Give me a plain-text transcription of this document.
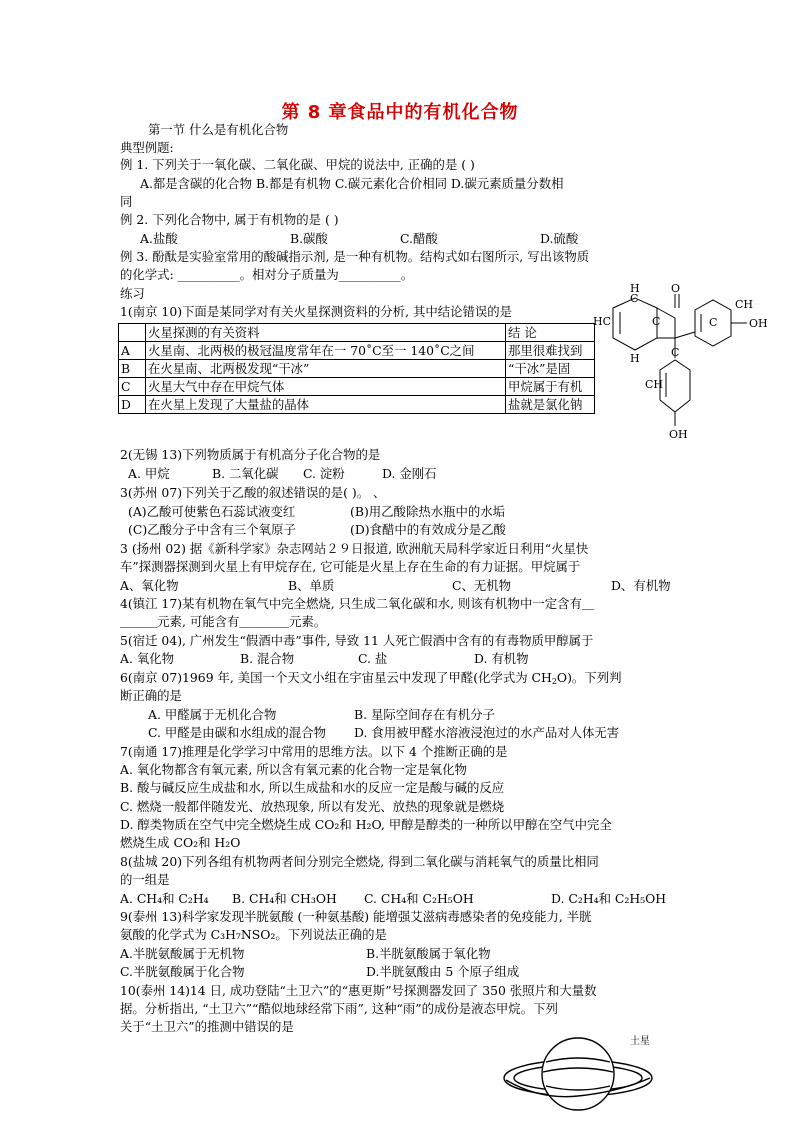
第 8 章食品中的有机化合物
第一节 什么是有机化合物
典型例题:
例 1. 下列关于一氧化碳、二氧化碳、甲烷的说法中, 正确的是 ( )
A.都是含碳的化合物 B.都是有机物 C.碳元素化合价相同 D.碳元素质量分数相
同
例 2. 下列化合物中, 属于有机物的是 ( )
A.盐酸	B.碳酸	C.醋酸	D.硫酸
例 3. 酚酞是实验室常用的酸碱指示剂, 是一种有机物。结构式如右图所示, 写出该物质
的化学式: __________。相对分子质量为__________。
练习
1(南京 10)下面是某同学对有关火星探测资料的分析, 其中结论错误的是
	火星探测的有关资料	结 论
A	火星南、北两极的极冠温度常年在一 70˚C至一 140˚C之间	那里很难找到
B	在火星南、北两极发现“干冰”	“干冰”是固
C	火星大气中存在甲烷气体	甲烷属于有机
D	在火星上发现了大量盐的晶体	盐就是氯化钠
H
C
O
HC	C
CH
C	OH
CH
H	C
OH
2(无锡 13)下列物质属于有机高分子化合物的是
A. 甲烷	B. 二氧化碳 C. 淀粉	D. 金刚石
3(苏州 07)下列关于乙酸的叙述错误的是( )。 、
(A)乙酸可使紫色石蕊试液变红	(B)用乙酸除热水瓶中的水垢
(C)乙酸分子中含有三个氧原子	(D)食醋中的有效成分是乙酸
3 (扬州 02) 据《新科学家》杂志网站２９日报道, 欧洲航天局科学家近日利用“火星快
车”探测器探测到火星上有甲烷存在, 它可能是火星上存在生命的有力证据。甲烷属于
A、氧化物	B、单质	C、无机物	D、有机物
4(镇江 17)某有机物在氧气中完全燃烧, 只生成二氧化碳和水, 则该有机物中一定含有＿
＿＿＿元素, 可能含有＿＿＿＿元素。
5(宿迁 04), 广州发生“假酒中毒”事件, 导致 11 人死亡假酒中含有的有毒物质甲醇属于
A. 氧化物	B. 混合物	C. 盐	D. 有机物
6(南京 07)1969 年, 美国一个天文小组在宇宙星云中发现了甲醛(化学式为 CH2O)。下列判
断正确的是
A. 甲醛属于无机化合物	B. 星际空间存在有机分子
C. 甲醛是由碳和水组成的混合物 D. 食用被甲醛水溶液浸泡过的水产品对人体无害
7(南通 17)推理是化学学习中常用的思维方法。以下 4 个推断正确的是
A. 氧化物都含有氧元素, 所以含有氧元素的化合物一定是氧化物
B. 酸与碱反应生成盐和水, 所以生成盐和水的反应一定是酸与碱的反应
C. 燃烧一般都伴随发光、放热现象, 所以有发光、放热的现象就是燃烧
D. 醇类物质在空气中完全燃烧生成 CO₂和 H₂O, 甲醇是醇类的一种所以甲醇在空气中完全
燃烧生成 CO₂和 H₂O
8(盐城 20)下列各组有机物两者间分别完全燃烧, 得到二氧化碳与消耗氧气的质量比相同
的一组是
A. CH₄和 C₂H₄ B. CH₄和 CH₃OH C. CH₄和 C₂H₅OH	D. C₂H₄和 C₂H₅OH
9(泰州 13)科学家发现半胱氨酸 (一种氨基酸) 能增强艾滋病毒感染者的免疫能力, 半胱
氨酸的化学式为 C₃H₇NSO₂。下列说法正确的是
A.半胱氨酸属于无机物	B.半胱氨酸属于氧化物
C.半胱氨酸属于化合物	D.半胱氨酸由 5 个原子组成
10(泰州 14)14 日, 成功登陆“土卫六”的“惠更斯”号探测器发回了 350 张照片和大量数
据。分析指出, “土卫六”“酷似地球经常下雨”, 这种“雨”的成份是液态甲烷。下列
关于“土卫六”的推测中错误的是
土星
